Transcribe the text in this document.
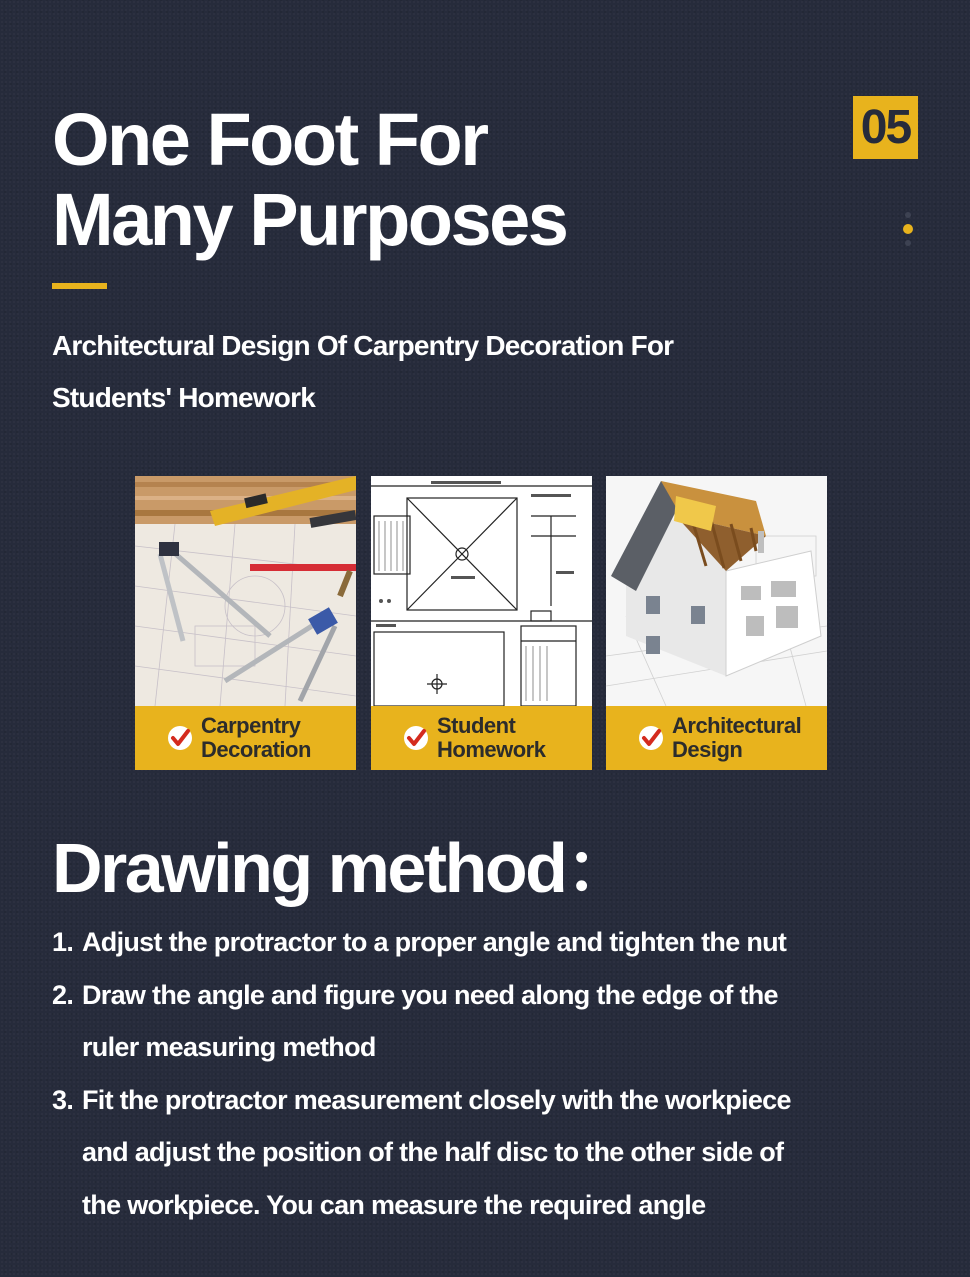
One Foot For
Many Purposes
05
Architectural Design Of Carpentry Decoration For
Students' Homework
Carpentry
Decoration
Student
Homework
Architectural
Design
Drawing method：
1. Adjust the protractor to a proper angle and tighten the nut
2. Draw the angle and figure you need along the edge of the
ruler measuring method
3. Fit the protractor measurement closely with the workpiece
and adjust the position of the half disc to the other side of
the workpiece. You can measure the required angle
